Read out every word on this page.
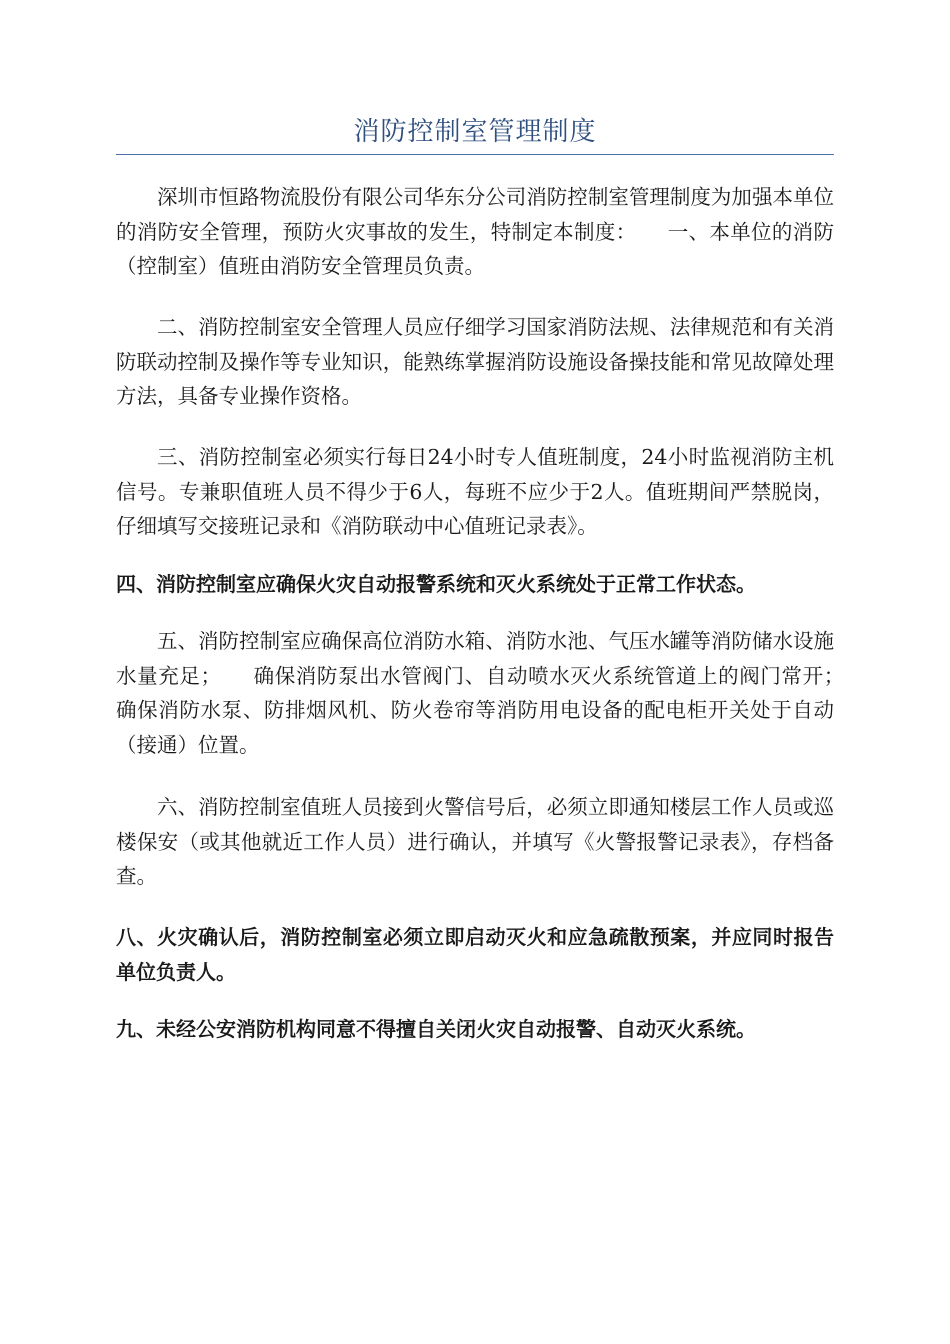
消防控制室管理制度

深圳市恒路物流股份有限公司华东分公司消防控制室管理制度为加强本单位的消防安全管理，预防火灾事故的发生，特制定本制度：　　一、本单位的消防（控制室）值班由消防安全管理员负责。

二、消防控制室安全管理人员应仔细学习国家消防法规、法律规范和有关消防联动控制及操作等专业知识，能熟练掌握消防设施设备操技能和常见故障处理方法，具备专业操作资格。

三、消防控制室必须实行每日24小时专人值班制度，24小时监视消防主机信号。专兼职值班人员不得少于6人，每班不应少于2人。值班期间严禁脱岗，仔细填写交接班记录和《消防联动中心值班记录表》。

四、消防控制室应确保火灾自动报警系统和灭火系统处于正常工作状态。

五、消防控制室应确保高位消防水箱、消防水池、气压水罐等消防储水设施水量充足；　　确保消防泵出水管阀门、自动喷水灭火系统管道上的阀门常开；　　确保消防水泵、防排烟风机、防火卷帘等消防用电设备的配电柜开关处于自动（接通）位置。

六、消防控制室值班人员接到火警信号后，必须立即通知楼层工作人员或巡楼保安（或其他就近工作人员）进行确认，并填写《火警报警记录表》，存档备查。

八、火灾确认后，消防控制室必须立即启动灭火和应急疏散预案，并应同时报告单位负责人。

九、未经公安消防机构同意不得擅自关闭火灾自动报警、自动灭火系统。
